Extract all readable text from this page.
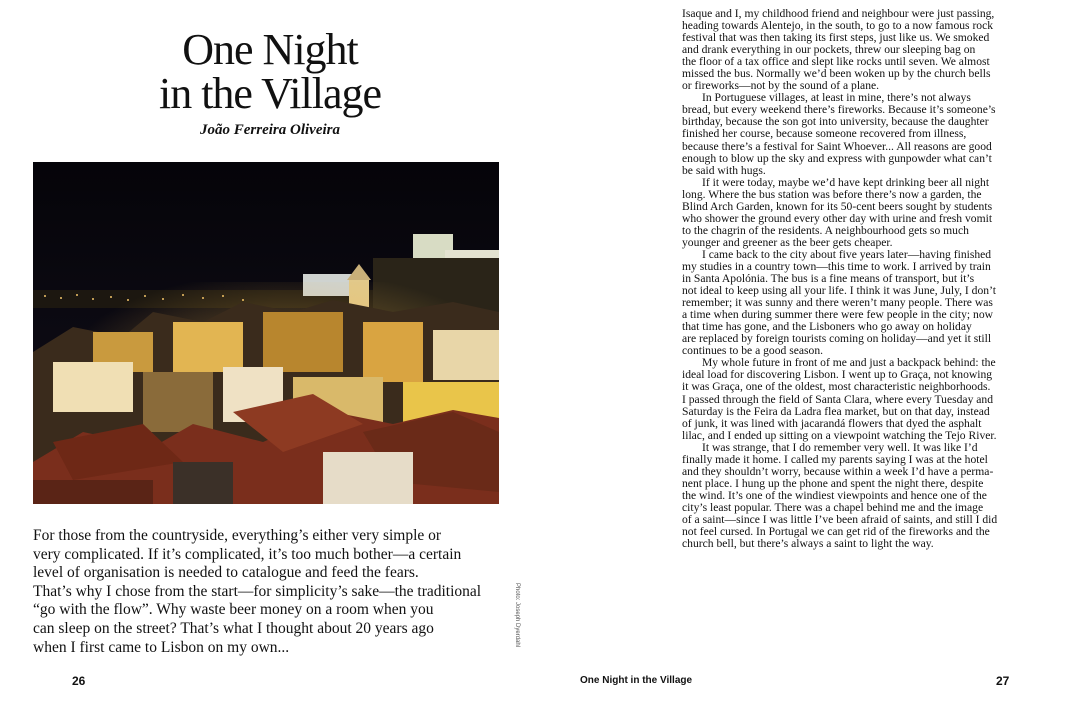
One Night
in the Village
João Ferreira Oliveira
Photo: Joseph Dyerdahl
For those from the countryside, everything’s either very simple or
very complicated. If it’s complicated, it’s too much bother—a certain
level of organisation is needed to catalogue and feed the fears.
That’s why I chose from the start—for simplicity’s sake—the traditional
“go with the flow”. Why waste beer money on a room when you
can sleep on the street? That’s what I thought about 20 years ago
when I first came to Lisbon on my own...
26
Isaque and I, my childhood friend and neighbour were just passing,
heading towards Alentejo, in the south, to go to a now famous rock
festival that was then taking its first steps, just like us. We smoked
and drank everything in our pockets, threw our sleeping bag on
the floor of a tax office and slept like rocks until seven. We almost
missed the bus. Normally we’d been woken up by the church bells
or fireworks—not by the sound of a plane.
In Portuguese villages, at least in mine, there’s not always
bread, but every weekend there’s fireworks. Because it’s someone’s
birthday, because the son got into university, because the daughter
finished her course, because someone recovered from illness,
because there’s a festival for Saint Whoever... All reasons are good
enough to blow up the sky and express with gunpowder what can’t
be said with hugs.
If it were today, maybe we’d have kept drinking beer all night
long. Where the bus station was before there’s now a garden, the
Blind Arch Garden, known for its 50-cent beers sought by students
who shower the ground every other day with urine and fresh vomit
to the chagrin of the residents. A neighbourhood gets so much
younger and greener as the beer gets cheaper.
I came back to the city about five years later—having finished
my studies in a country town—this time to work. I arrived by train
in Santa Apolónia. The bus is a fine means of transport, but it’s
not ideal to keep using all your life. I think it was June, July, I don’t
remember; it was sunny and there weren’t many people. There was
a time when during summer there were few people in the city; now
that time has gone, and the Lisboners who go away on holiday
are replaced by foreign tourists coming on holiday—and yet it still
continues to be a good season.
My whole future in front of me and just a backpack behind: the
ideal load for discovering Lisbon. I went up to Graça, not knowing
it was Graça, one of the oldest, most characteristic neighborhoods.
I passed through the field of Santa Clara, where every Tuesday and
Saturday is the Feira da Ladra flea market, but on that day, instead
of junk, it was lined with jacarandá flowers that dyed the asphalt
lilac, and I ended up sitting on a viewpoint watching the Tejo River.
It was strange, that I do remember very well. It was like I’d
finally made it home. I called my parents saying I was at the hotel
and they shouldn’t worry, because within a week I’d have a perma-
nent place. I hung up the phone and spent the night there, despite
the wind. It’s one of the windiest viewpoints and hence one of the
city’s least popular. There was a chapel behind me and the image
of a saint—since I was little I’ve been afraid of saints, and still I did
not feel cursed. In Portugal we can get rid of the fireworks and the
church bell, but there’s always a saint to light the way.
One Night in the Village	27
